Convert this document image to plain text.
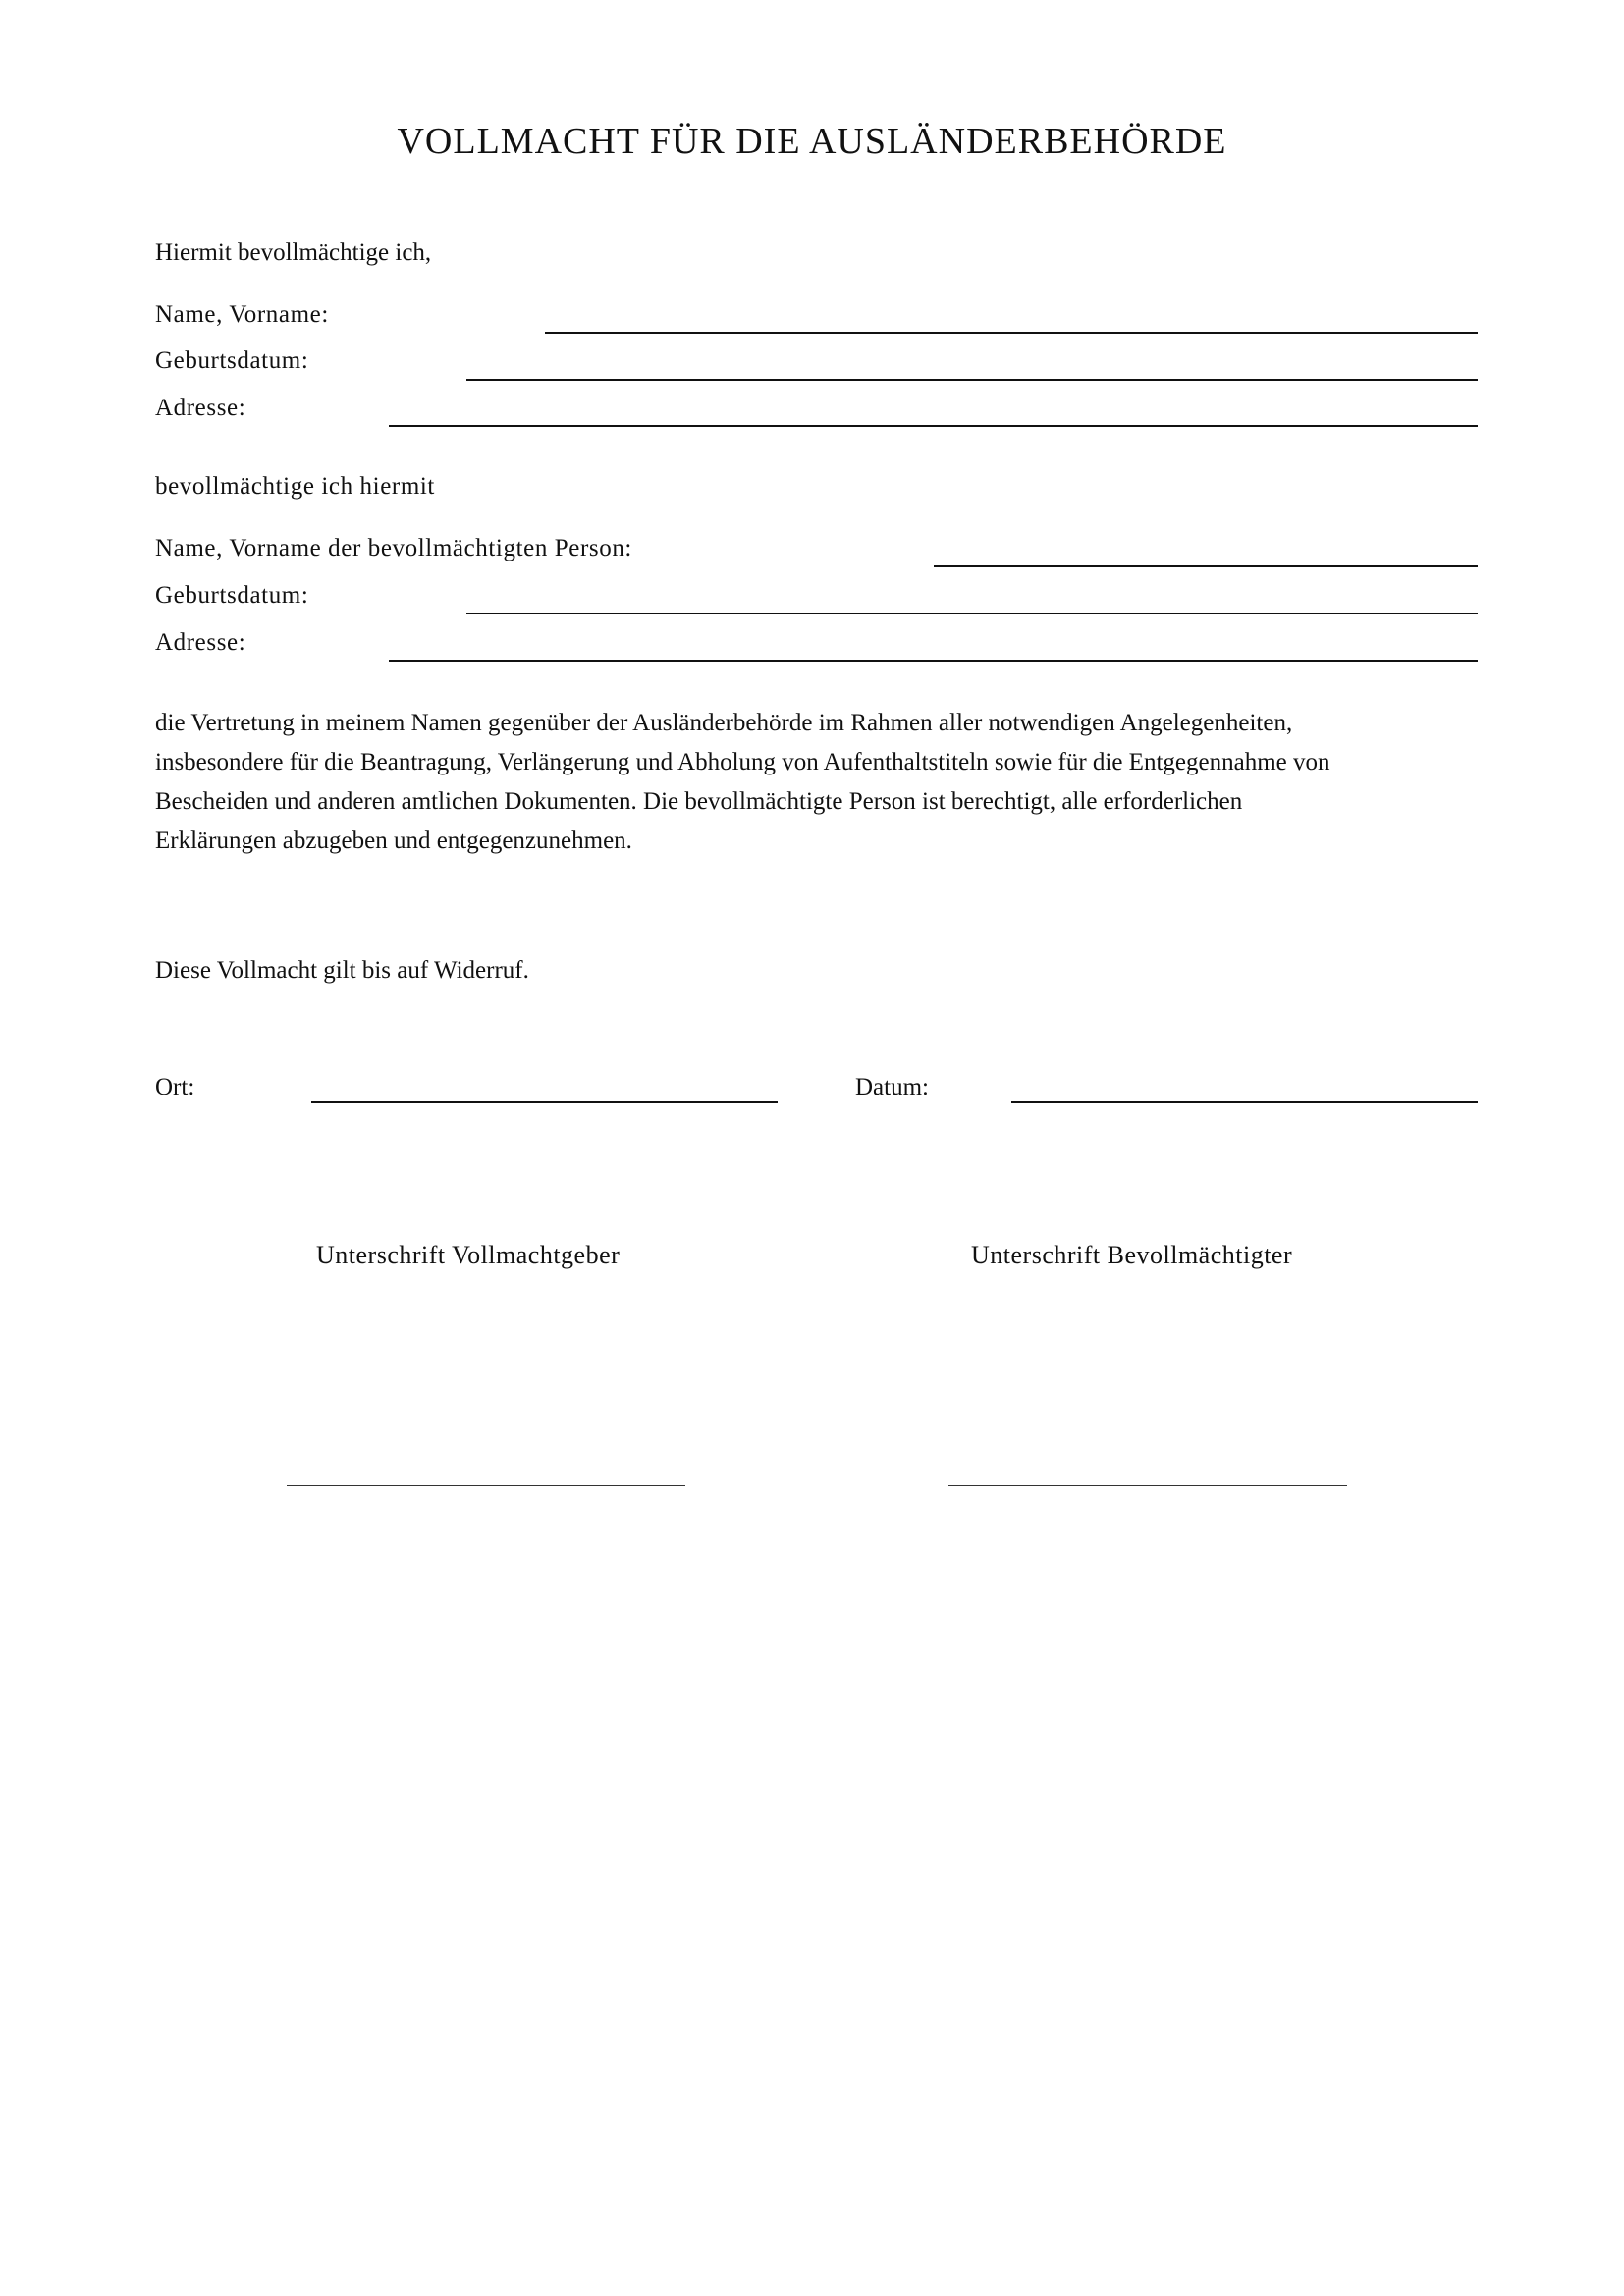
VOLLMACHT FÜR DIE AUSLÄNDERBEHÖRDE
Hiermit bevollmächtige ich,
Name, Vorname:
Geburtsdatum:
Adresse:
bevollmächtige ich hiermit
Name, Vorname der bevollmächtigten Person:
Geburtsdatum:
Adresse:
die Vertretung in meinem Namen gegenüber der Ausländerbehörde im Rahmen aller notwendigen Angelegenheiten,
insbesondere für die Beantragung, Verlängerung und Abholung von Aufenthaltstiteln sowie für die Entgegennahme von
Bescheiden und anderen amtlichen Dokumenten. Die bevollmächtigte Person ist berechtigt, alle erforderlichen
Erklärungen abzugeben und entgegenzunehmen.
Diese Vollmacht gilt bis auf Widerruf.
Ort:	Datum:
Unterschrift Vollmachtgeber	Unterschrift Bevollmächtigter
